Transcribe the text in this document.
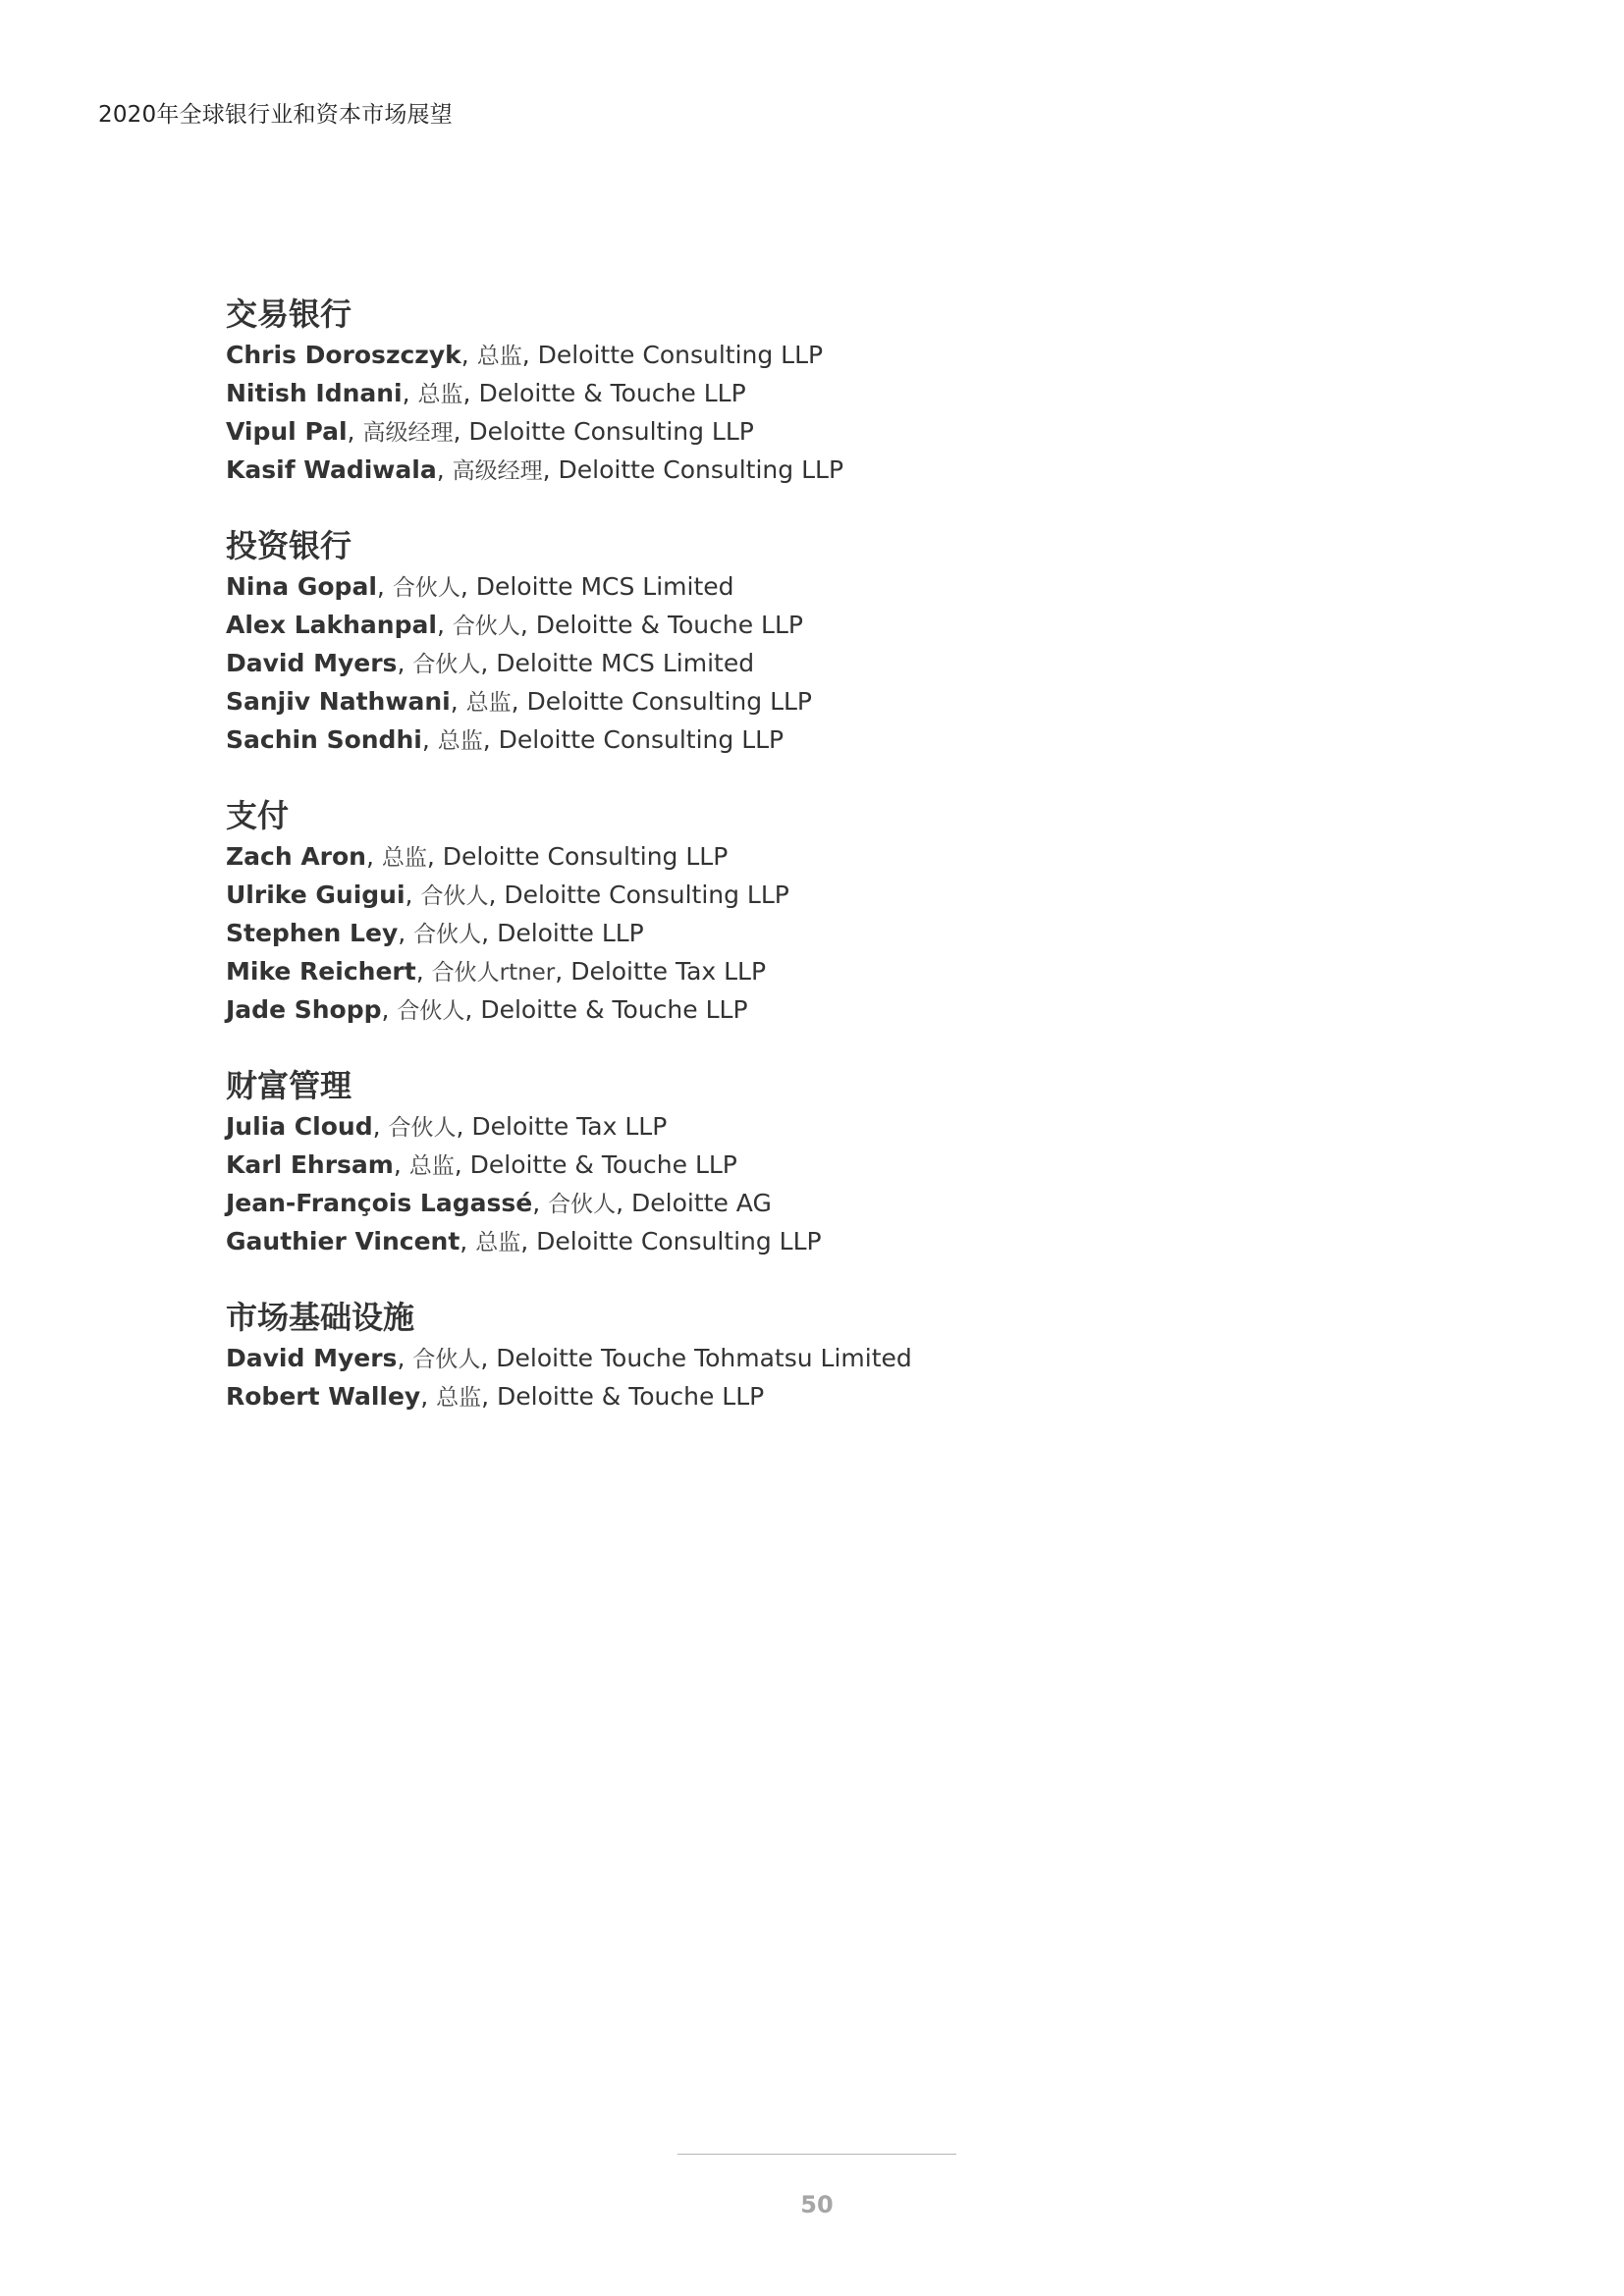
2020年全球银行业和资本市场展望
交易银行
Chris Doroszczyk, 总监, Deloitte Consulting LLP
Nitish Idnani, 总监, Deloitte & Touche LLP
Vipul Pal, 高级经理, Deloitte Consulting LLP
Kasif Wadiwala, 高级经理, Deloitte Consulting LLP
投资银行
Nina Gopal, 合伙人, Deloitte MCS Limited
Alex Lakhanpal, 合伙人, Deloitte & Touche LLP
David Myers, 合伙人, Deloitte MCS Limited
Sanjiv Nathwani, 总监, Deloitte Consulting LLP
Sachin Sondhi, 总监, Deloitte Consulting LLP
支付
Zach Aron, 总监, Deloitte Consulting LLP
Ulrike Guigui, 合伙人, Deloitte Consulting LLP
Stephen Ley, 合伙人, Deloitte LLP
Mike Reichert, 合伙人rtner, Deloitte Tax LLP
Jade Shopp, 合伙人, Deloitte & Touche LLP
财富管理
Julia Cloud, 合伙人, Deloitte Tax LLP
Karl Ehrsam, 总监, Deloitte & Touche LLP
Jean-François Lagassé, 合伙人, Deloitte AG
Gauthier Vincent, 总监, Deloitte Consulting LLP
市场基础设施
David Myers, 合伙人, Deloitte Touche Tohmatsu Limited
Robert Walley, 总监, Deloitte & Touche LLP
50
